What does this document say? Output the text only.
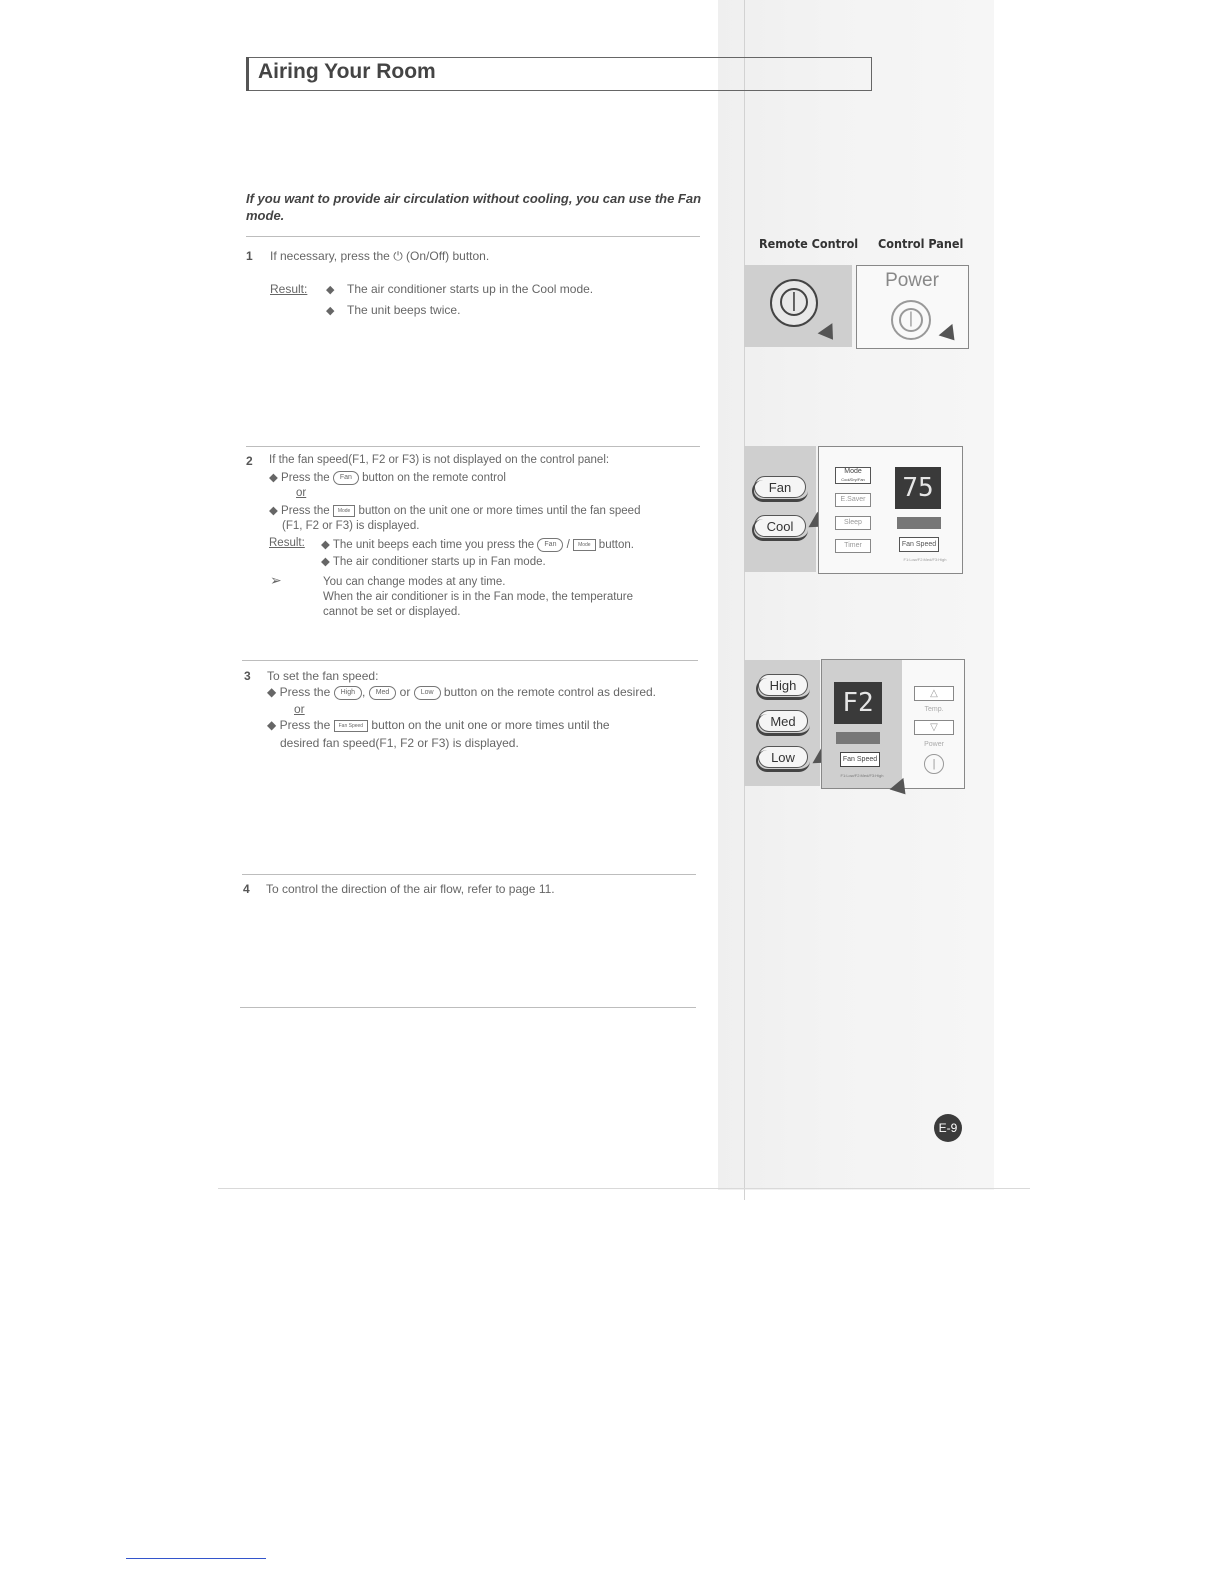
Airing Your Room
If you want to provide air circulation without cooling, you can use the Fan mode.
Remote Control Control Panel
1 If necessary, press the ⏻ (On/Off) button.
Result: ◆ The air conditioner starts up in the Cool mode.
◆ The unit beeps twice.	|
Power
|
2 If the fan speed(F1, F2 or F3) is not displayed on the control panel:
◆ Press the Fan button on the remote control
or
◆ Press the Mode button on the unit one or more times until the fan speed
(F1, F2 or F3) is displayed.
Result: ◆ The unit beeps each time you press the Fan / Mode button.
◆ The air conditioner starts up in Fan mode.
➢	You can change modes at any time.
When the air conditioner is in the Fan mode, the temperature
cannot be set or displayed.
Fan
Cool
Mode
Cool/Dry/Fan
E.Saver
Sleep
Timer
75
Fan Speed
F1:Low/F2:Med/F3:High
3 To set the fan speed:
◆ Press the High , Med or Low button on the remote control as desired.
or
◆ Press the Fan Speed button on the unit one or more times until the
desired fan speed(F1, F2 or F3) is displayed.
High
Med
Low
F2
Fan Speed
F1:Low/F2:Med/F3:High
△
Temp.
▽
Power
|
4 To control the direction of the air flow, refer to page 11.
E-9
